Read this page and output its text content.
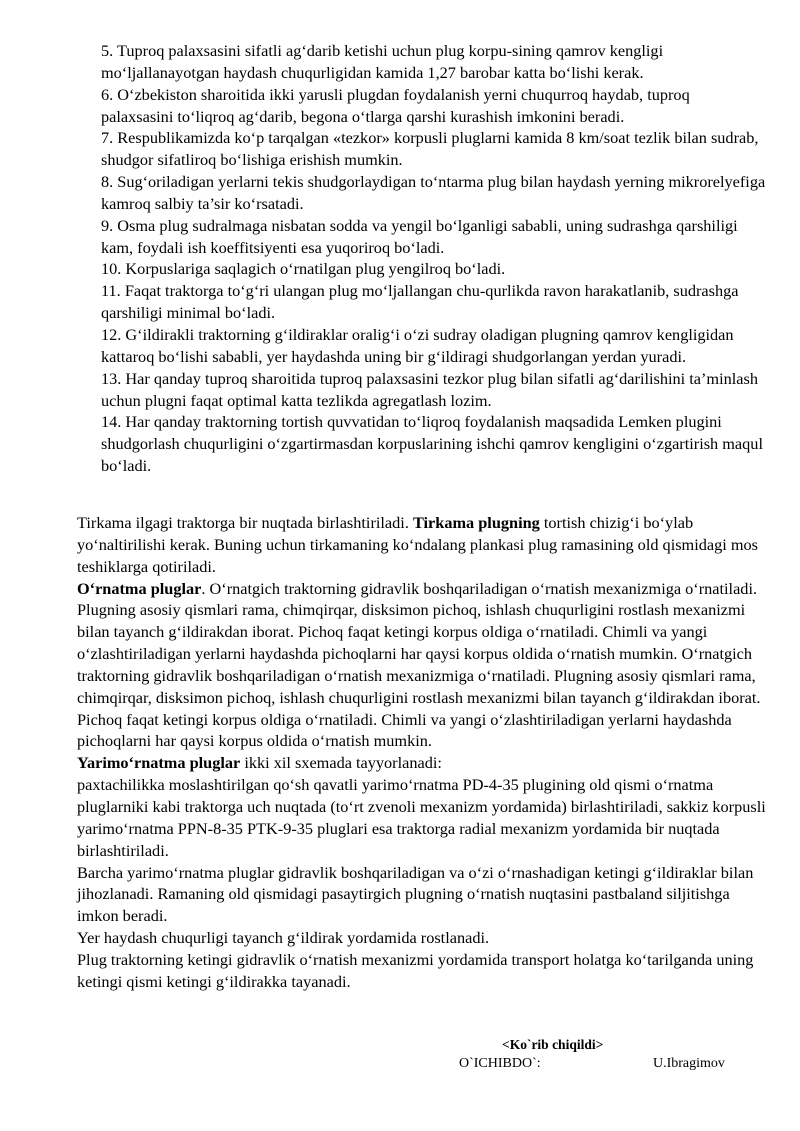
5. Tuproq palaxsasini sifatli ag‘darib ketishi uchun plug korpu-sining qamrov kengligi mo‘ljallanayotgan haydash chuqurligidan kamida 1,27 barobar katta bo‘lishi kerak.

6. O‘zbekiston sharoitida ikki yarusli plugdan foydalanish yerni chuqurroq haydab, tuproq palaxsasini to‘liqroq ag‘darib, begona o‘tlarga qarshi kurashish imkonini beradi.

7. Respublikamizda ko‘p tarqalgan «tezkor» korpusli pluglarni kamida 8 km/soat tezlik bilan sudrab, shudgor sifatliroq bo‘lishiga erishish mumkin.

8. Sug‘oriladigan yerlarni tekis shudgorlaydigan to‘ntarma plug bilan haydash yerning mikrorelyefiga kamroq salbiy ta’sir ko‘rsatadi.

9. Osma plug sudralmaga nisbatan sodda va yengil bo‘lganligi sababli, uning sudrashga qarshiligi kam, foydali ish koeffitsiyenti esa yuqoriroq bo‘ladi.

10. Korpuslariga saqlagich o‘rnatilgan plug yengilroq bo‘ladi.

11. Faqat traktorga to‘g‘ri ulangan plug mo‘ljallangan chu-qurlikda ravon harakatlanib, sudrashga qarshiligi minimal bo‘ladi.

12. G‘ildirakli traktorning g‘ildiraklar oralig‘i o‘zi sudray oladigan plugning qamrov kengligidan kattaroq bo‘lishi sababli, yer haydashda uning bir g‘ildiragi shudgorlangan yerdan yuradi.

13. Har qanday tuproq sharoitida tuproq palaxsasini tezkor plug bilan sifatli ag‘darilishini ta’minlash uchun plugni faqat optimal katta tezlikda agregatlash lozim.

14. Har qanday traktorning tortish quvvatidan to‘liqroq foydalanish maqsadida Lemken plugini shudgorlash chuqurligini o‘zgartirmasdan korpuslarining ishchi qamrov kengligini o‘zgartirish maqul bo‘ladi.

Tirkama ilgagi traktorga bir nuqtada birlashtiriladi. Tirkama plugning tortish chizig‘i bo‘ylab yo‘naltirilishi kerak. Buning uchun tirkamaning ko‘ndalang plankasi plug ramasining old qismidagi mos teshiklarga qotiriladi.

O‘rnatma pluglar. O‘rnatgich traktorning gidravlik boshqariladigan o‘rnatish mexanizmiga o‘rnatiladi. Plugning asosiy qismlari rama, chimqirqar, disksimon pichoq, ishlash chuqurligini rostlash mexanizmi bilan tayanch g‘ildirakdan iborat. Pichoq faqat ketingi korpus oldiga o‘rnatiladi. Chimli va yangi o‘zlashtiriladigan yerlarni haydashda pichoqlarni har qaysi korpus oldida o‘rnatish mumkin. O‘rnatgich traktorning gidravlik boshqariladigan o‘rnatish mexanizmiga o‘rnatiladi. Plugning asosiy qismlari rama, chimqirqar, disksimon pichoq, ishlash chuqurligini rostlash mexanizmi bilan tayanch g‘ildirakdan iborat. Pichoq faqat ketingi korpus oldiga o‘rnatiladi. Chimli va yangi o‘zlashtiriladigan yerlarni haydashda pichoqlarni har qaysi korpus oldida o‘rnatish mumkin.

Yarimo‘rnatma pluglar ikki xil sxemada tayyorlanadi:

paxtachilikka moslashtirilgan qo‘sh qavatli yarimo‘rnatma PD-4-35 plugining old qismi o‘rnatma pluglarniki kabi traktorga uch nuqtada (to‘rt zvenoli mexanizm yordamida) birlashtiriladi, sakkiz korpusli yarimo‘rnatma PPN-8-35 PTK-9-35 pluglari esa traktorga radial mexanizm yordamida bir nuqtada birlashtiriladi.

Barcha yarimo‘rnatma pluglar gidravlik boshqariladigan va o‘zi o‘rnashadigan ketingi g‘ildiraklar bilan jihozlanadi. Ramaning old qismidagi pasaytirgich plugning o‘rnatish nuqtasini pastbaland siljitishga imkon beradi.

Yer haydash chuqurligi tayanch g‘ildirak yordamida rostlanadi.

Plug traktorning ketingi gidravlik o‘rnatish mexanizmi yordamida transport holatga ko‘tarilganda uning ketingi qismi ketingi g‘ildirakka tayanadi.

<Ko`rib chiqildi>
O`ICHIBDO`:	U.Ibragimov
